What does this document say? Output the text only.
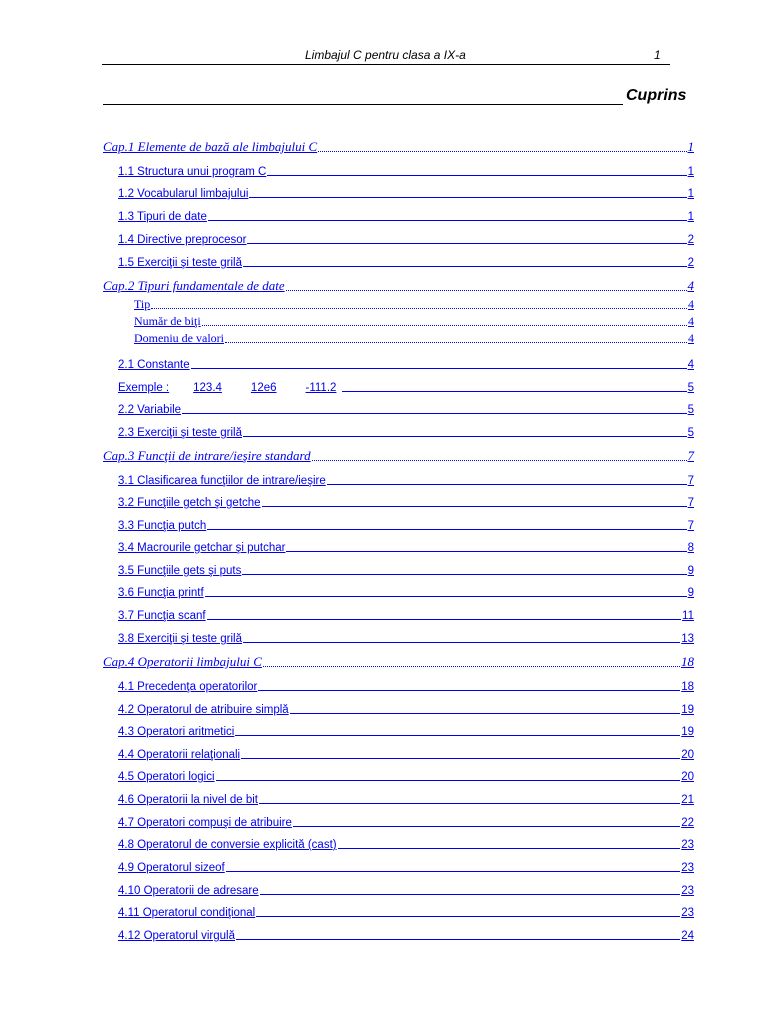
Limbajul C pentru clasa a IX-a	1
Cuprins
Cap.1 Elemente de bază ale limbajului C	1
1.1 Structura unui program C	1
1.2 Vocabularul limbajului	1
1.3 Tipuri de date	1
1.4 Directive preprocesor	2
1.5 Exerciţii şi teste grilă	2
Cap.2 Tipuri fundamentale de date	4
Tip	4
Număr de biţi	4
Domeniu de valori	4
2.1 Constante	4
Exemple : 123.4	12e6	-111.2	5
2.2 Variabile	5
2.3 Exerciţii şi teste grilă	5
Cap.3 Funcţii de intrare/ieşire standard	7
3.1 Clasificarea funcţiilor de intrare/ieşire	7
3.2 Funcţiile getch şi getche	7
3.3 Funcţia putch	7
3.4 Macrourile getchar şi putchar	8
3.5 Funcţiile gets şi puts	9
3.6 Funcţia printf	9
3.7 Funcţia scanf	11
3.8 Exerciţii şi teste grilă	13
Cap.4 Operatorii limbajului C	18
4.1 Precedenţa operatorilor	18
4.2 Operatorul de atribuire simplă	19
4.3 Operatori aritmetici	19
4.4 Operatorii relaţionali	20
4.5 Operatori logici	20
4.6 Operatorii la nivel de bit	21
4.7 Operatori compuşi de atribuire	22
4.8 Operatorul de conversie explicită (cast)	23
4.9 Operatorul sizeof	23
4.10 Operatorii de adresare	23
4.11 Operatorul condiţional	23
4.12 Operatorul virgulă	24
